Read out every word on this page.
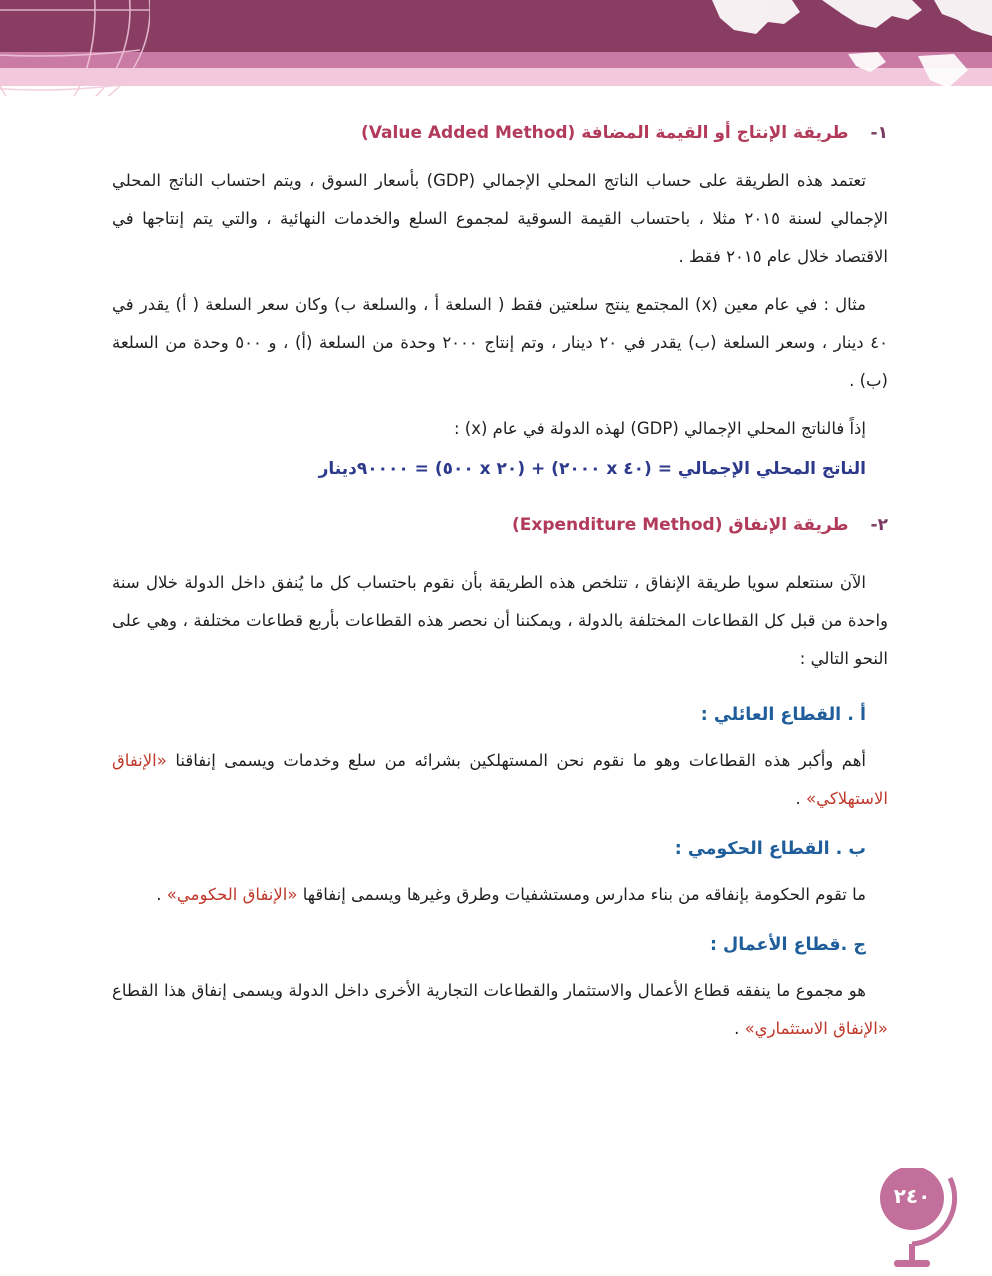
١-
طريقة الإنتاج أو القيمة المضافة (Value Added Method)

تعتمد هذه الطريقة على حساب الناتج المحلي الإجمالي (GDP) بأسعار السوق ، ويتم احتساب الناتج المحلي الإجمالي لسنة ٢٠١٥ مثلا ، باحتساب القيمة السوقية لمجموع السلع والخدمات النهائية ، والتي يتم إنتاجها في الاقتصاد خلال عام ٢٠١٥ فقط .

مثال : في عام معين (x) المجتمع ينتج سلعتين فقط ( السلعة أ ، والسلعة ب) وكان سعر السلعة ( أ) يقدر في ٤٠ دينار ، وسعر السلعة (ب) يقدر في ٢٠ دينار ، وتم إنتاج ٢٠٠٠ وحدة من السلعة (أ) ، و ٥٠٠ وحدة من السلعة (ب) .

إذاً فالناتج المحلي الإجمالي (GDP) لهذه الدولة في عام (x) :

الناتج المحلي الإجمالي = (٤٠ x ٢٠٠٠) + (٢٠ x ٥٠٠) = ٩٠٠٠٠دينار

٢-
طريقة الإنفاق (Expenditure Method)

الآن سنتعلم سويا طريقة الإنفاق ، تتلخص هذه الطريقة بأن نقوم باحتساب كل ما يُنفق داخل الدولة خلال سنة واحدة من قبل كل القطاعات المختلفة بالدولة ، ويمكننا أن نحصر هذه القطاعات بأربع قطاعات مختلفة ، وهي على النحو التالي :

أ . القطاع العائلي :

أهم وأكبر هذه القطاعات وهو ما نقوم نحن المستهلكين بشرائه من سلع وخدمات ويسمى إنفاقنا «الإنفاق الاستهلاكي» .

ب . القطاع الحكومي :

ما تقوم الحكومة بإنفاقه من بناء مدارس ومستشفيات وطرق وغيرها ويسمى إنفاقها «الإنفاق الحكومي» .

ج .قطاع الأعمال :

هو مجموع ما ينفقه قطاع الأعمال والاستثمار والقطاعات التجارية الأخرى داخل الدولة ويسمى إنفاق هذا القطاع «الإنفاق الاستثماري» .

٢٤٠
